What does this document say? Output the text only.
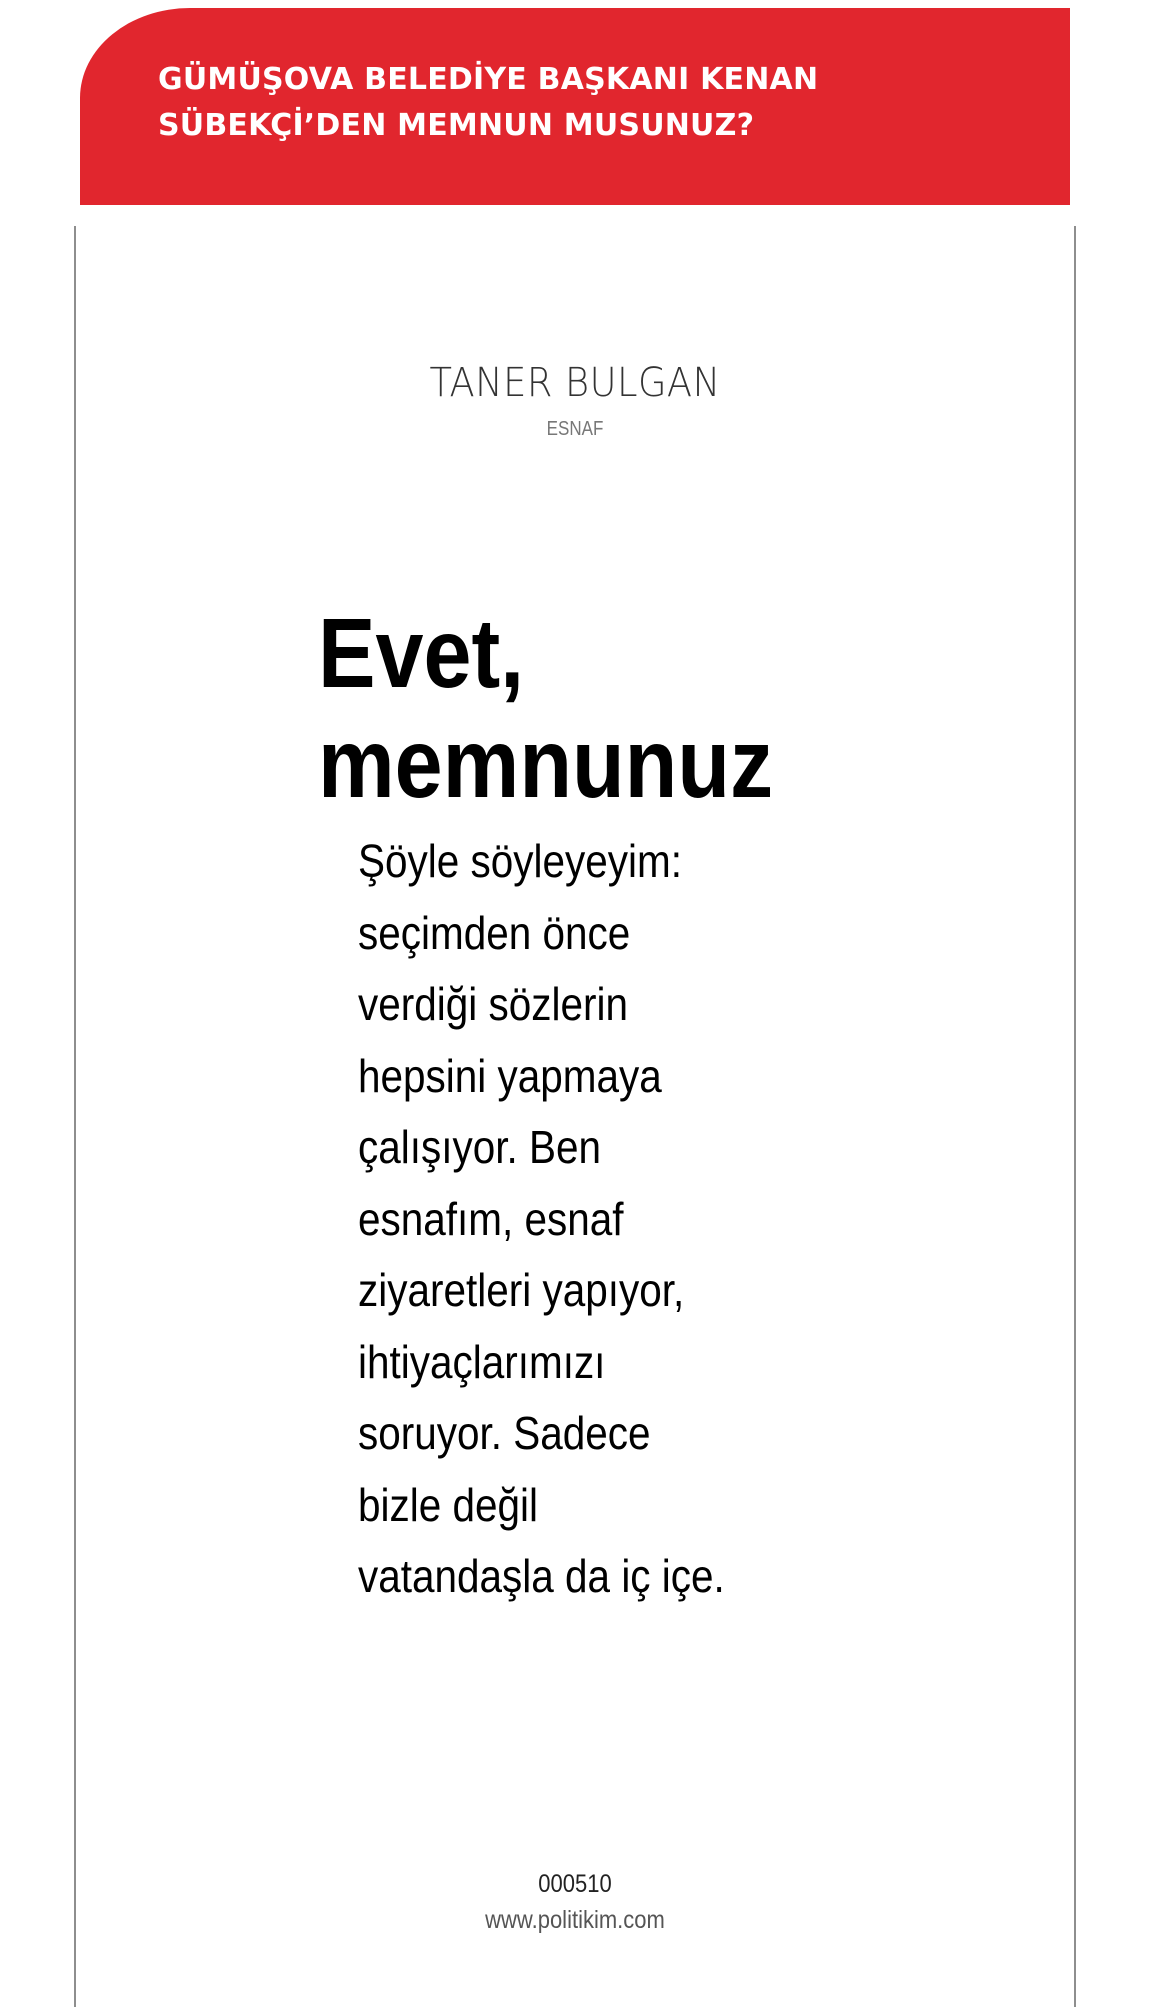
GÜMÜŞOVA BELEDİYE BAŞKANI KENAN
SÜBEKÇİ’DEN MEMNUN MUSUNUZ?
TANER BULGAN
ESNAF
Evet,
memnunuz

Şöyle söyleyeyim:
seçimden önce
verdiği sözlerin
hepsini yapmaya
çalışıyor. Ben
esnafım, esnaf
ziyaretleri yapıyor,
ihtiyaçlarımızı
soruyor. Sadece
bizle değil
vatandaşla da iç içe.

000510
www.politikim.com
